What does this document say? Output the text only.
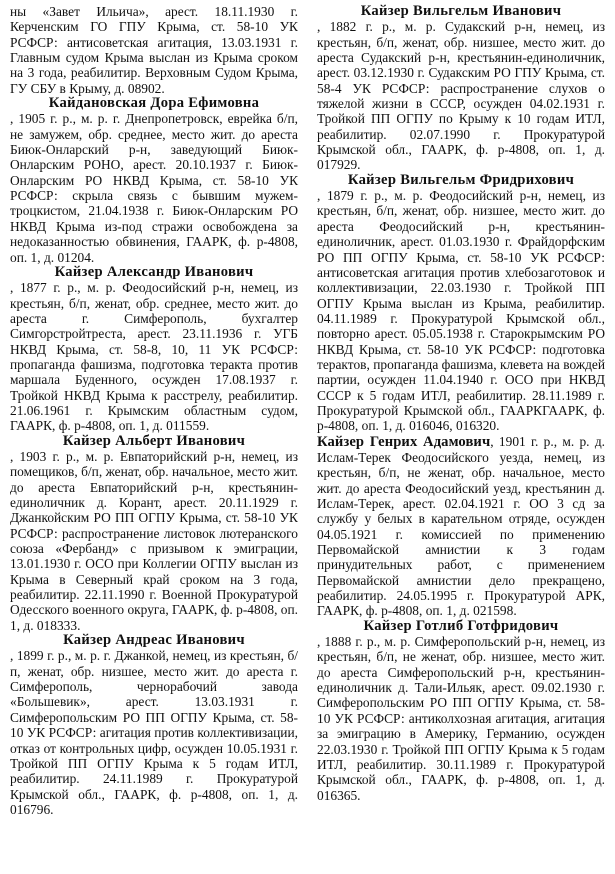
ны «Завет Ильича», арест. 18.11.1930 г. Керченским ГО ГПУ Крыма, ст. 58-10 УК РСФСР: антисоветская агитация, 13.03.1931 г. Главным судом Крыма выслан из Крыма сроком на 3 года, реабилитир. Верховным Судом Крыма, ГУ СБУ в Крыму, д. 08902.
Кайдановская Дора Ефимовна
, 1905 г. р., м. р. г. Днепропетровск, еврейка б/п, не замужем, обр. среднее, место жит. до ареста Биюк-Онларский р-н, заведующий Биюк-Онларским РОНО, арест. 20.10.1937 г. Биюк-Онларским РО НКВД Крыма, ст. 58-10 УК РСФСР: скрыла связь с бывшим мужем-троцкистом, 21.04.1938 г. Биюк-Онларским РО НКВД Крыма из-под стражи освобождена за недоказанностью обвинения, ГААРК, ф. р-4808, оп. 1, д. 01204.
Кайзер Александр Иванович
, 1877 г. р., м. р. Феодосийский р-н, немец, из крестьян, б/п, женат, обр. среднее, место жит. до ареста г. Симферополь, бухгалтер Симгорстройтреста, арест. 23.11.1936 г. УГБ НКВД Крыма, ст. 58-8, 10, 11 УК РСФСР: пропаганда фашизма, подготовка теракта против маршала Буденного, осужден 17.08.1937 г. Тройкой НКВД Крыма к расстрелу, реабилитир. 21.06.1961 г. Крымским областным судом, ГААРК, ф. р-4808, оп. 1, д. 011559.
Кайзер Альберт Иванович
, 1903 г. р., м. р. Евпаторийский р-н, немец, из помещиков, б/п, женат, обр. начальное, место жит. до ареста Евпаторийский р-н, крестьянин-единоличник д. Корант, арест. 20.11.1929 г. Джанкойским РО ПП ОГПУ Крыма, ст. 58-10 УК РСФСР: распространение листовок лютеранского союза «Фербанд» с призывом к эмиграции, 13.01.1930 г. ОСО при Коллегии ОГПУ выслан из Крыма в Северный край сроком на 3 года, реабилитир. 22.11.1990 г. Военной Прокуратурой Одесского военного округа, ГААРК, ф. р-4808, оп. 1, д. 018333.
Кайзер Андреас Иванович
, 1899 г. р., м. р. г. Джанкой, немец, из крестьян, б/п, женат, обр. низшее, место жит. до ареста г. Симферополь, чернорабочий завода «Большевик», арест. 13.03.1931 г. Симферопольским РО ПП ОГПУ Крыма, ст. 58-10 УК РСФСР: агитация против коллективизации, отказ от контрольных цифр, осужден 10.05.1931 г. Тройкой ПП ОГПУ Крыма к 5 годам ИТЛ, реабилитир. 24.11.1989 г. Прокуратурой Крымской обл., ГААРК, ф. р-4808, оп. 1, д. 016796.
Кайзер Вильгельм Иванович
, 1882 г. р., м. р. Судакский р-н, немец, из крестьян, б/п, женат, обр. низшее, место жит. до ареста Судакский р-н, крестьянин-единоличник, арест. 03.12.1930 г. Судакским РО ГПУ Крыма, ст. 58-4 УК РСФСР: распространение слухов о тяжелой жизни в СССР, осужден 04.02.1931 г. Тройкой ПП ОГПУ по Крыму к 10 годам ИТЛ, реабилитир. 02.07.1990 г. Прокуратурой Крымской обл., ГААРК, ф. р-4808, оп. 1, д. 017929.
Кайзер Вильгельм Фридрихович
, 1879 г. р., м. р. Феодосийский р-н, немец, из крестьян, б/п, женат, обр. низшее, место жит. до ареста Феодосийский р-н, крестьянин-единоличник, арест. 01.03.1930 г. Фрайдорфским РО ПП ОГПУ Крыма, ст. 58-10 УК РСФСР: антисоветская агитация против хлебозаготовок и коллективизации, 22.03.1930 г. Тройкой ПП ОГПУ Крыма выслан из Крыма, реабилитир. 04.11.1989 г. Прокуратурой Крымской обл., повторно арест. 05.05.1938 г. Старокрымским РО НКВД Крыма, ст. 58-10 УК РСФСР: подготовка терактов, пропаганда фашизма, клевета на вождей партии, осужден 11.04.1940 г. ОСО при НКВД СССР к 5 годам ИТЛ, реабилитир. 28.11.1989 г. Прокуратурой Крымской обл., ГААРКГААРК, ф. р-4808, оп. 1, д. 016046, 016320.
Кайзер Генрих Адамович, 1901 г. р., м. р. д. Ислам-Терек Феодосийского уезда, немец, из крестьян, б/п, не женат, обр. начальное, место жит. до ареста Феодосийский уезд, крестьянин д. Ислам-Терек, арест. 02.04.1921 г. ОО 3 сд за службу у белых в карательном отряде, осужден 04.05.1921 г. комиссией по применению Первомайской амнистии к 3 годам принудительных работ, с применением Первомайской амнистии дело прекращено, реабилитир. 24.05.1995 г. Прокуратурой АРК, ГААРК, ф. р-4808, оп. 1, д. 021598.
Кайзер Готлиб Готфридович
, 1888 г. р., м. р. Симферопольский р-н, немец, из крестьян, б/п, не женат, обр. низшее, место жит. до ареста Симферопольский р-н, крестьянин-единоличник д. Тали-Ильяк, арест. 09.02.1930 г. Симферопольским РО ПП ОГПУ Крыма, ст. 58-10 УК РСФСР: антиколхозная агитация, агитация за эмиграцию в Америку, Германию, осужден 22.03.1930 г. Тройкой ПП ОГПУ Крыма к 5 годам ИТЛ, реабилитир. 30.11.1989 г. Прокуратурой Крымской обл., ГААРК, ф. р-4808, оп. 1, д. 016365.
